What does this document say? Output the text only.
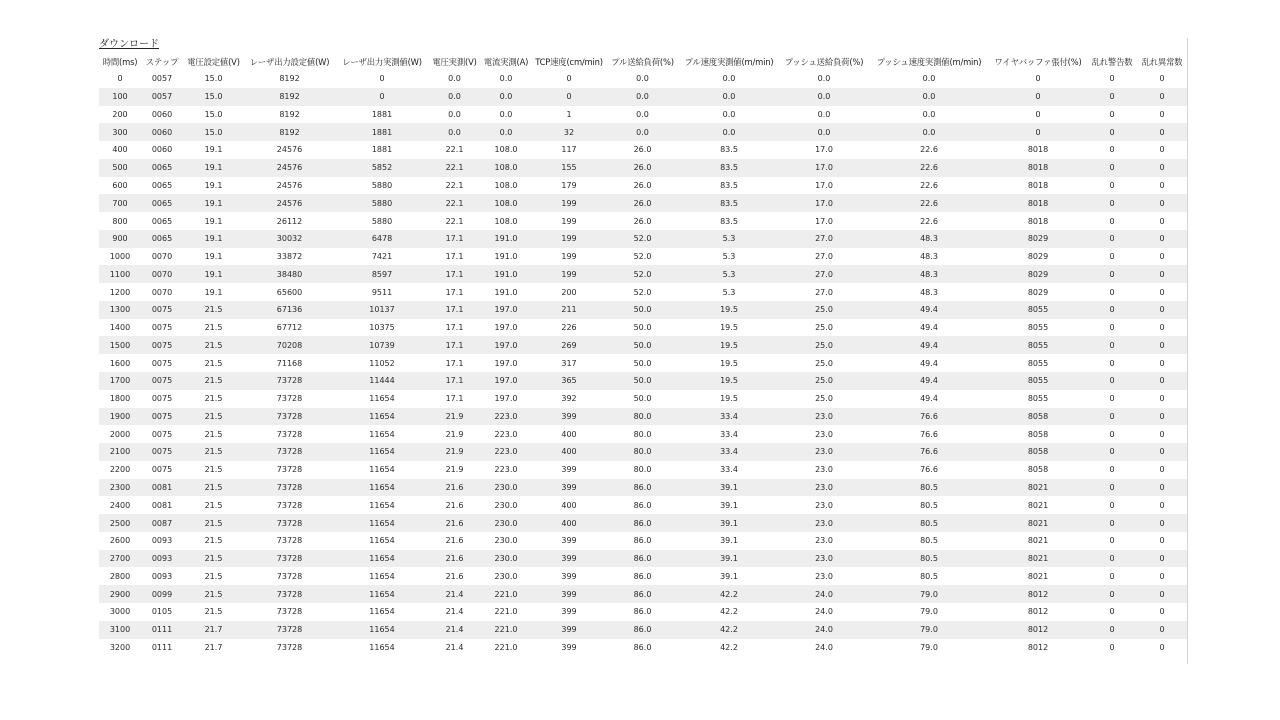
ダウンロード
時間(ms)	ステップ	電圧設定値(V)	レーザ出力設定値(W)	レーザ出力実測値(W)	電圧実測(V)	電流実測(A)	TCP速度(cm/min)	プル送給負荷(%)	プル速度実測値(m/min)	プッシュ送給負荷(%)	プッシュ速度実測値(m/min)	ワイヤバッファ張付(%)	乱れ警告数	乱れ異常数
0	0057	15.0	8192	0	0.0	0.0	0	0.0	0.0	0.0	0.0	0	0	0
100	0057	15.0	8192	0	0.0	0.0	0	0.0	0.0	0.0	0.0	0	0	0
200	0060	15.0	8192	1881	0.0	0.0	1	0.0	0.0	0.0	0.0	0	0	0
300	0060	15.0	8192	1881	0.0	0.0	32	0.0	0.0	0.0	0.0	0	0	0
400	0060	19.1	24576	1881	22.1	108.0	117	26.0	83.5	17.0	22.6	8018	0	0
500	0065	19.1	24576	5852	22.1	108.0	155	26.0	83.5	17.0	22.6	8018	0	0
600	0065	19.1	24576	5880	22.1	108.0	179	26.0	83.5	17.0	22.6	8018	0	0
700	0065	19.1	24576	5880	22.1	108.0	199	26.0	83.5	17.0	22.6	8018	0	0
800	0065	19.1	26112	5880	22.1	108.0	199	26.0	83.5	17.0	22.6	8018	0	0
900	0065	19.1	30032	6478	17.1	191.0	199	52.0	5.3	27.0	48.3	8029	0	0
1000	0070	19.1	33872	7421	17.1	191.0	199	52.0	5.3	27.0	48.3	8029	0	0
1100	0070	19.1	38480	8597	17.1	191.0	199	52.0	5.3	27.0	48.3	8029	0	0
1200	0070	19.1	65600	9511	17.1	191.0	200	52.0	5.3	27.0	48.3	8029	0	0
1300	0075	21.5	67136	10137	17.1	197.0	211	50.0	19.5	25.0	49.4	8055	0	0
1400	0075	21.5	67712	10375	17.1	197.0	226	50.0	19.5	25.0	49.4	8055	0	0
1500	0075	21.5	70208	10739	17.1	197.0	269	50.0	19.5	25.0	49.4	8055	0	0
1600	0075	21.5	71168	11052	17.1	197.0	317	50.0	19.5	25.0	49.4	8055	0	0
1700	0075	21.5	73728	11444	17.1	197.0	365	50.0	19.5	25.0	49.4	8055	0	0
1800	0075	21.5	73728	11654	17.1	197.0	392	50.0	19.5	25.0	49.4	8055	0	0
1900	0075	21.5	73728	11654	21.9	223.0	399	80.0	33.4	23.0	76.6	8058	0	0
2000	0075	21.5	73728	11654	21.9	223.0	400	80.0	33.4	23.0	76.6	8058	0	0
2100	0075	21.5	73728	11654	21.9	223.0	400	80.0	33.4	23.0	76.6	8058	0	0
2200	0075	21.5	73728	11654	21.9	223.0	399	80.0	33.4	23.0	76.6	8058	0	0
2300	0081	21.5	73728	11654	21.6	230.0	399	86.0	39.1	23.0	80.5	8021	0	0
2400	0081	21.5	73728	11654	21.6	230.0	400	86.0	39.1	23.0	80.5	8021	0	0
2500	0087	21.5	73728	11654	21.6	230.0	400	86.0	39.1	23.0	80.5	8021	0	0
2600	0093	21.5	73728	11654	21.6	230.0	399	86.0	39.1	23.0	80.5	8021	0	0
2700	0093	21.5	73728	11654	21.6	230.0	399	86.0	39.1	23.0	80.5	8021	0	0
2800	0093	21.5	73728	11654	21.6	230.0	399	86.0	39.1	23.0	80.5	8021	0	0
2900	0099	21.5	73728	11654	21.4	221.0	399	86.0	42.2	24.0	79.0	8012	0	0
3000	0105	21.5	73728	11654	21.4	221.0	399	86.0	42.2	24.0	79.0	8012	0	0
3100	0111	21.7	73728	11654	21.4	221.0	399	86.0	42.2	24.0	79.0	8012	0	0
3200	0111	21.7	73728	11654	21.4	221.0	399	86.0	42.2	24.0	79.0	8012	0	0
